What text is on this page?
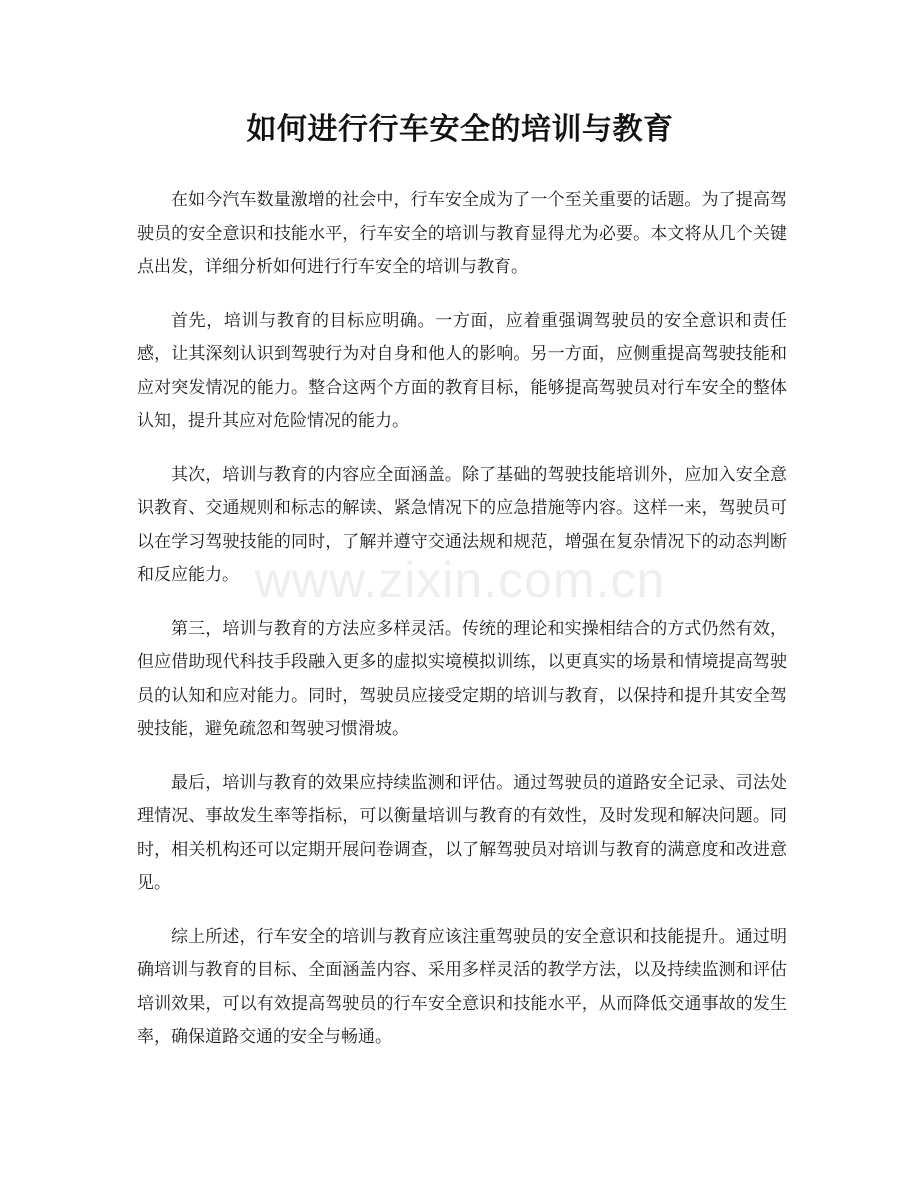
如何进行行车安全的培训与教育

在如今汽车数量激增的社会中，行车安全成为了一个至关重要的话题。为了提高驾驶员的安全意识和技能水平，行车安全的培训与教育显得尤为必要。本文将从几个关键点出发，详细分析如何进行行车安全的培训与教育。

首先，培训与教育的目标应明确。一方面，应着重强调驾驶员的安全意识和责任感，让其深刻认识到驾驶行为对自身和他人的影响。另一方面，应侧重提高驾驶技能和应对突发情况的能力。整合这两个方面的教育目标，能够提高驾驶员对行车安全的整体认知，提升其应对危险情况的能力。

其次，培训与教育的内容应全面涵盖。除了基础的驾驶技能培训外，应加入安全意识教育、交通规则和标志的解读、紧急情况下的应急措施等内容。这样一来，驾驶员可以在学习驾驶技能的同时，了解并遵守交通法规和规范，增强在复杂情况下的动态判断和反应能力。

第三，培训与教育的方法应多样灵活。传统的理论和实操相结合的方式仍然有效，但应借助现代科技手段融入更多的虚拟实境模拟训练，以更真实的场景和情境提高驾驶员的认知和应对能力。同时，驾驶员应接受定期的培训与教育，以保持和提升其安全驾驶技能，避免疏忽和驾驶习惯滑坡。

最后，培训与教育的效果应持续监测和评估。通过驾驶员的道路安全记录、司法处理情况、事故发生率等指标，可以衡量培训与教育的有效性，及时发现和解决问题。同时，相关机构还可以定期开展问卷调查，以了解驾驶员对培训与教育的满意度和改进意见。

综上所述，行车安全的培训与教育应该注重驾驶员的安全意识和技能提升。通过明确培训与教育的目标、全面涵盖内容、采用多样灵活的教学方法，以及持续监测和评估培训效果，可以有效提高驾驶员的行车安全意识和技能水平，从而降低交通事故的发生率，确保道路交通的安全与畅通。

www.zixin.com.cn
